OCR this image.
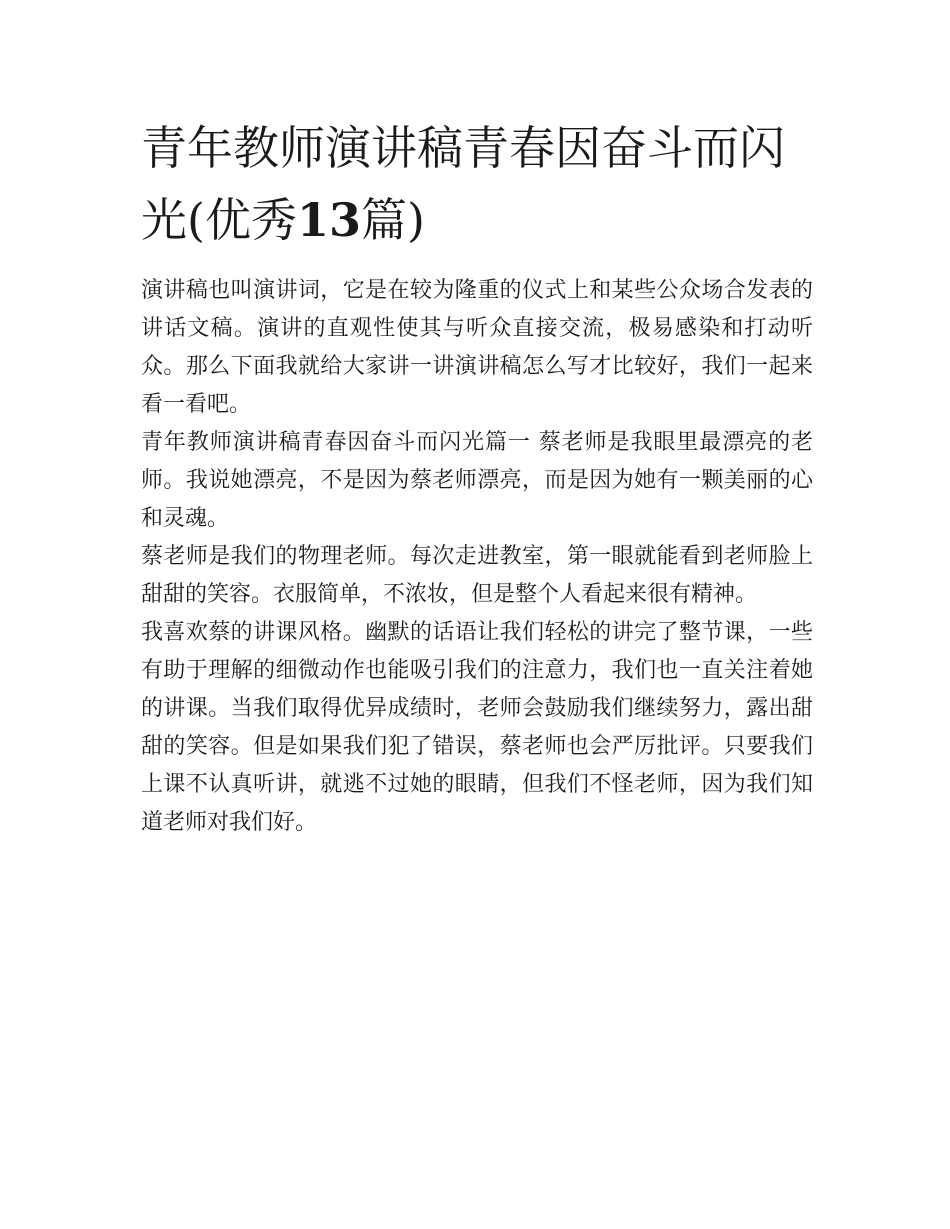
青年教师演讲稿青春因奋斗而闪光(优秀13篇)

演讲稿也叫演讲词，它是在较为隆重的仪式上和某些公众场合发表的讲话文稿。演讲的直观性使其与听众直接交流，极易感染和打动听众。那么下面我就给大家讲一讲演讲稿怎么写才比较好，我们一起来看一看吧。

青年教师演讲稿青春因奋斗而闪光篇一 蔡老师是我眼里最漂亮的老师。我说她漂亮，不是因为蔡老师漂亮，而是因为她有一颗美丽的心和灵魂。

蔡老师是我们的物理老师。每次走进教室，第一眼就能看到老师脸上甜甜的笑容。衣服简单，不浓妆，但是整个人看起来很有精神。

我喜欢蔡的讲课风格。幽默的话语让我们轻松的讲完了整节课，一些有助于理解的细微动作也能吸引我们的注意力，我们也一直关注着她的讲课。当我们取得优异成绩时，老师会鼓励我们继续努力，露出甜甜的笑容。但是如果我们犯了错误，蔡老师也会严厉批评。只要我们上课不认真听讲，就逃不过她的眼睛，但我们不怪老师，因为我们知道老师对我们好。
